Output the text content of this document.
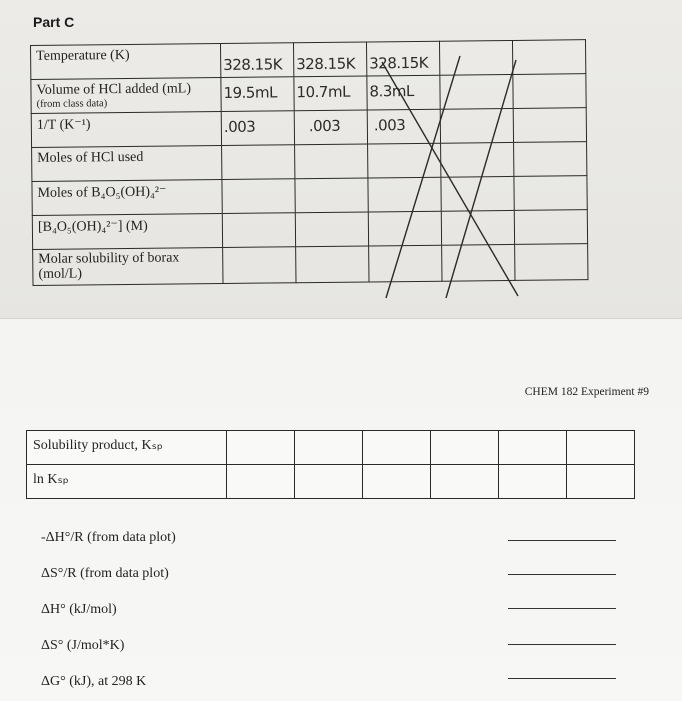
Part C
Temperature (K)	328.15K	328.15K	328.15K		
Volume of HCl added (mL)
(from class data)	19.5mL	10.7mL	8.3mL		
1/T (K⁻¹)	.003	.003	.003		
Moles of HCl used					
Moles of B₄O₅(OH)₄²⁻					
[B₄O₅(OH)₄²⁻] (M)					
Molar solubility of borax (mol/L)					
CHEM 182 Experiment #9
Solubility product, Kₛₚ						
ln Kₛₚ						
-ΔH°/R (from data plot)
ΔS°/R (from data plot)
ΔH° (kJ/mol)
ΔS° (J/mol*K)
ΔG° (kJ), at 298 K
